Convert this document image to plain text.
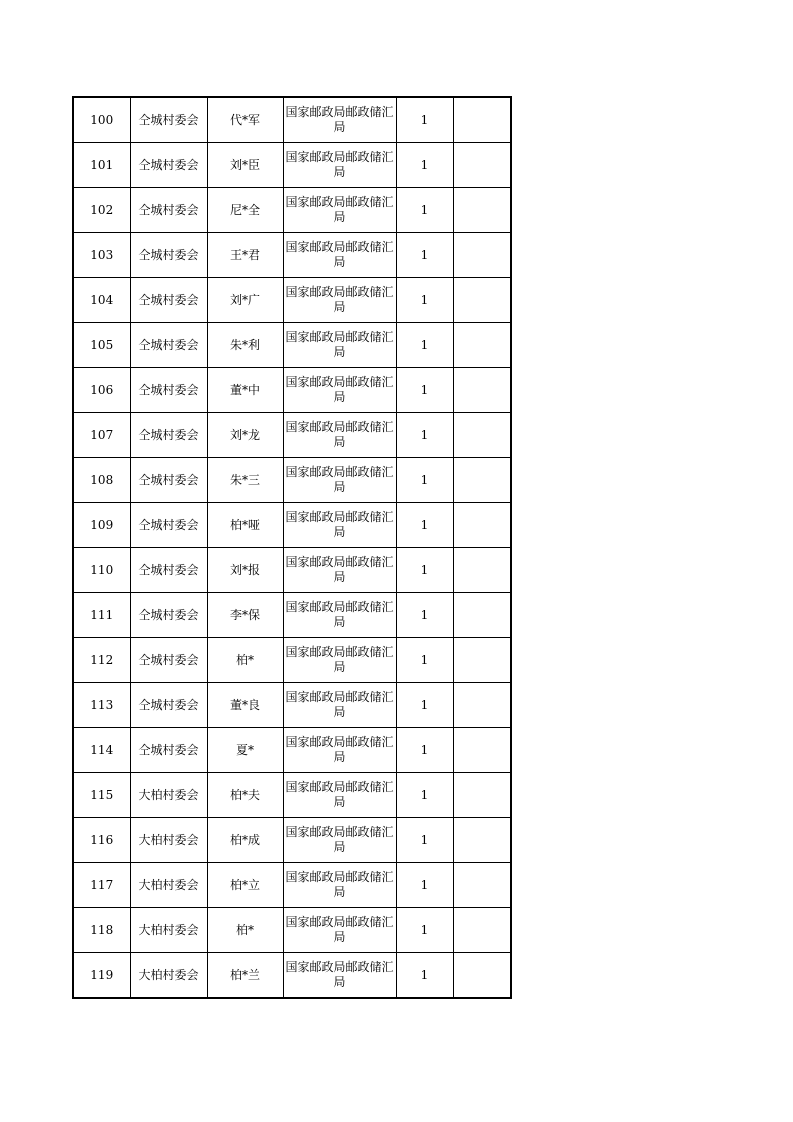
100	仝城村委会	代*军	国家邮政局邮政储汇局	1	
101	仝城村委会	刘*臣	国家邮政局邮政储汇局	1	
102	仝城村委会	尼*全	国家邮政局邮政储汇局	1	
103	仝城村委会	王*君	国家邮政局邮政储汇局	1	
104	仝城村委会	刘*广	国家邮政局邮政储汇局	1	
105	仝城村委会	朱*利	国家邮政局邮政储汇局	1	
106	仝城村委会	董*中	国家邮政局邮政储汇局	1	
107	仝城村委会	刘*龙	国家邮政局邮政储汇局	1	
108	仝城村委会	朱*三	国家邮政局邮政储汇局	1	
109	仝城村委会	柏*哑	国家邮政局邮政储汇局	1	
110	仝城村委会	刘*报	国家邮政局邮政储汇局	1	
111	仝城村委会	李*保	国家邮政局邮政储汇局	1	
112	仝城村委会	柏*	国家邮政局邮政储汇局	1	
113	仝城村委会	董*良	国家邮政局邮政储汇局	1	
114	仝城村委会	夏*	国家邮政局邮政储汇局	1	
115	大柏村委会	柏*夫	国家邮政局邮政储汇局	1	
116	大柏村委会	柏*成	国家邮政局邮政储汇局	1	
117	大柏村委会	柏*立	国家邮政局邮政储汇局	1	
118	大柏村委会	柏*	国家邮政局邮政储汇局	1	
119	大柏村委会	柏*兰	国家邮政局邮政储汇局	1	
